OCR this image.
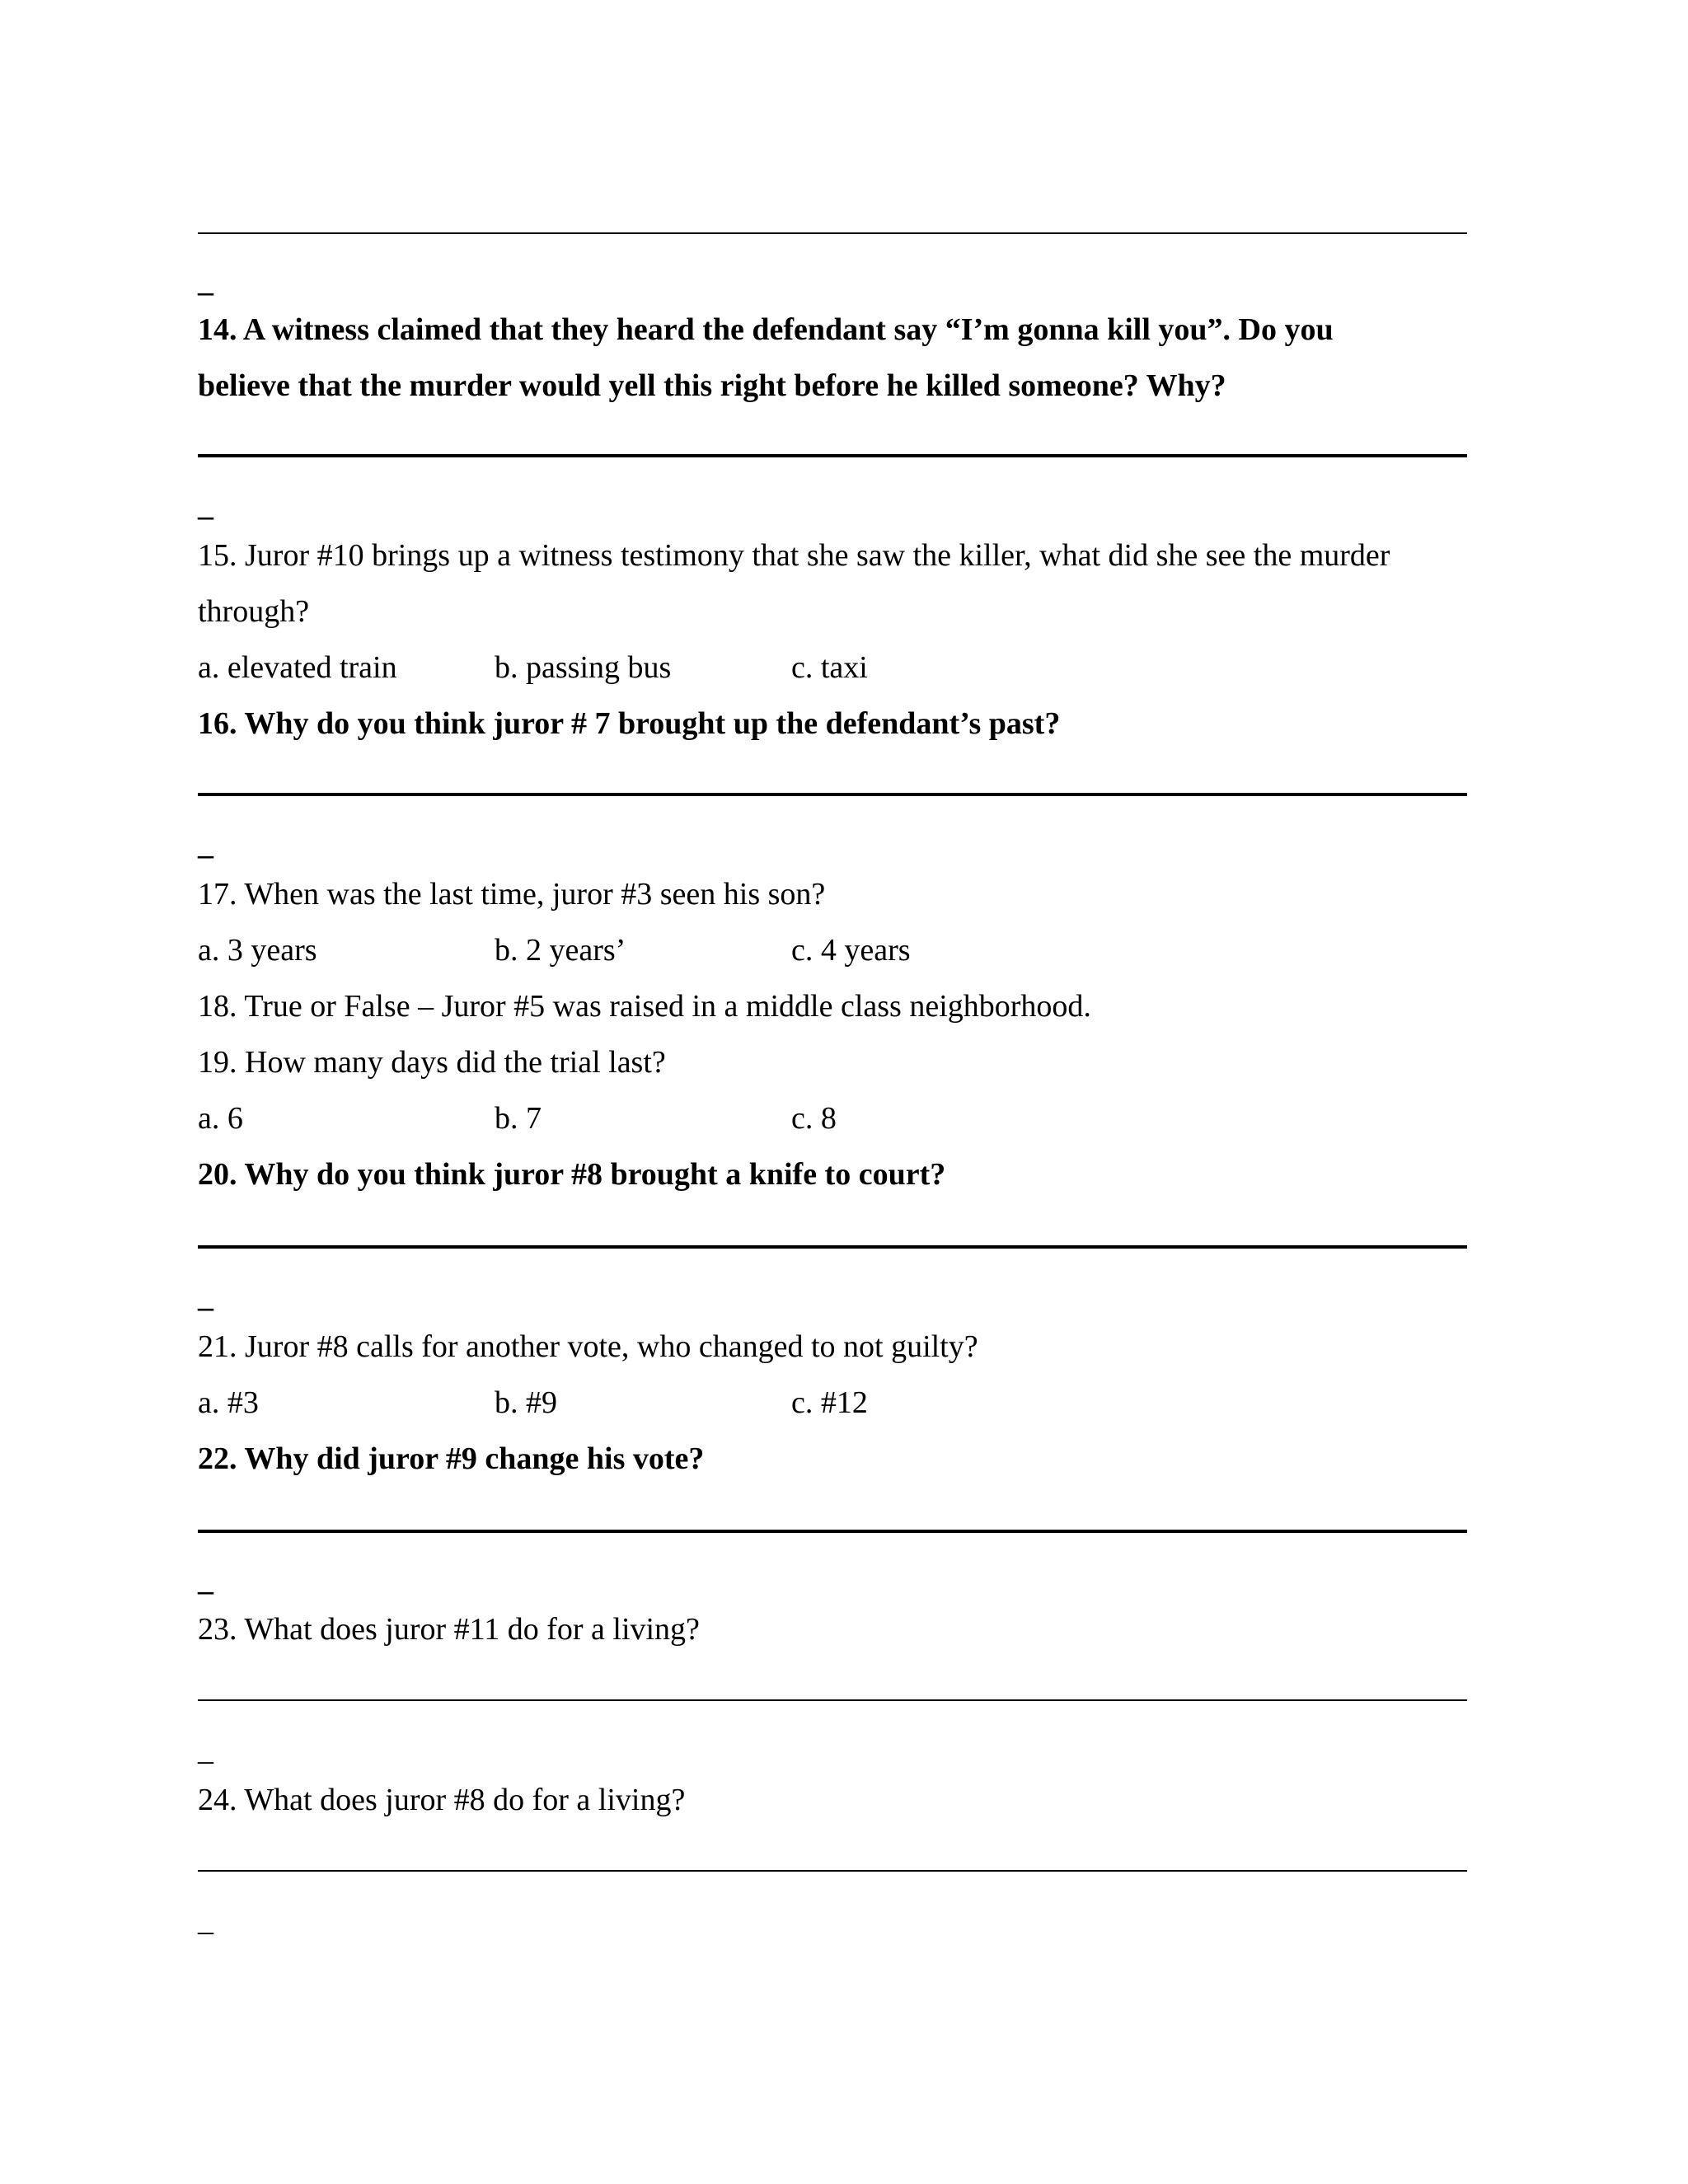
_
14. A witness claimed that they heard the defendant say “I’m gonna kill you”. Do you
believe that the murder would yell this right before he killed someone? Why?
_
15. Juror #10 brings up a witness testimony that she saw the killer, what did she see the murder
through?
a. elevated train	b. passing bus	c. taxi
16. Why do you think juror # 7 brought up the defendant’s past?
_
17. When was the last time, juror #3 seen his son?
a. 3 years	b. 2 years’	c. 4 years
18. True or False – Juror #5 was raised in a middle class neighborhood.
19. How many days did the trial last?
a. 6	b. 7	c. 8
20. Why do you think juror #8 brought a knife to court?
_
21. Juror #8 calls for another vote, who changed to not guilty?
a. #3	b. #9	c. #12
22. Why did juror #9 change his vote?
_
23. What does juror #11 do for a living?
_
24. What does juror #8 do for a living?
_
